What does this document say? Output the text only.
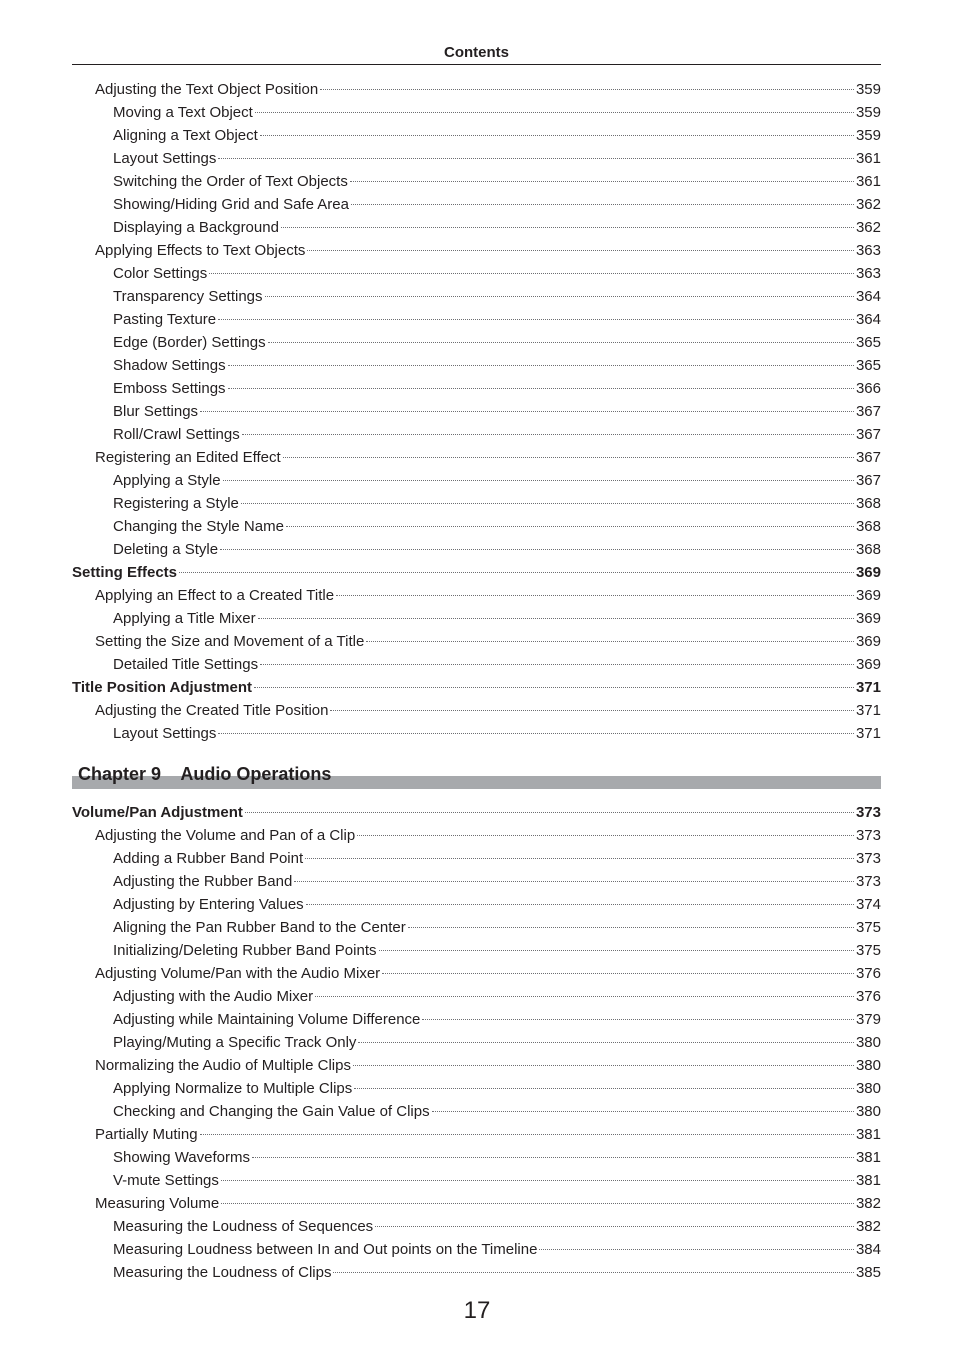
Contents
Adjusting the Text Object Position	359
Moving a Text Object	359
Aligning a Text Object	359
Layout Settings	361
Switching the Order of Text Objects	361
Showing/Hiding Grid and Safe Area	362
Displaying a Background	362
Applying Effects to Text Objects	363
Color Settings	363
Transparency Settings	364
Pasting Texture	364
Edge (Border) Settings	365
Shadow Settings	365
Emboss Settings	366
Blur Settings	367
Roll/Crawl Settings	367
Registering an Edited Effect	367
Applying a Style	367
Registering a Style	368
Changing the Style Name	368
Deleting a Style	368
Setting Effects	369
Applying an Effect to a Created Title	369
Applying a Title Mixer	369
Setting the Size and Movement of a Title	369
Detailed Title Settings	369
Title Position Adjustment	371
Adjusting the Created Title Position	371
Layout Settings	371
Chapter 9    Audio Operations
Volume/Pan Adjustment	373
Adjusting the Volume and Pan of a Clip	373
Adding a Rubber Band Point	373
Adjusting the Rubber Band	373
Adjusting by Entering Values	374
Aligning the Pan Rubber Band to the Center	375
Initializing/Deleting Rubber Band Points	375
Adjusting Volume/Pan with the Audio Mixer	376
Adjusting with the Audio Mixer	376
Adjusting while Maintaining Volume Difference	379
Playing/Muting a Specific Track Only	380
Normalizing the Audio of Multiple Clips	380
Applying Normalize to Multiple Clips	380
Checking and Changing the Gain Value of Clips	380
Partially Muting	381
Showing Waveforms	381
V-mute Settings	381
Measuring Volume	382
Measuring the Loudness of Sequences	382
Measuring Loudness between In and Out points on the Timeline	384
Measuring the Loudness of Clips	385
17
